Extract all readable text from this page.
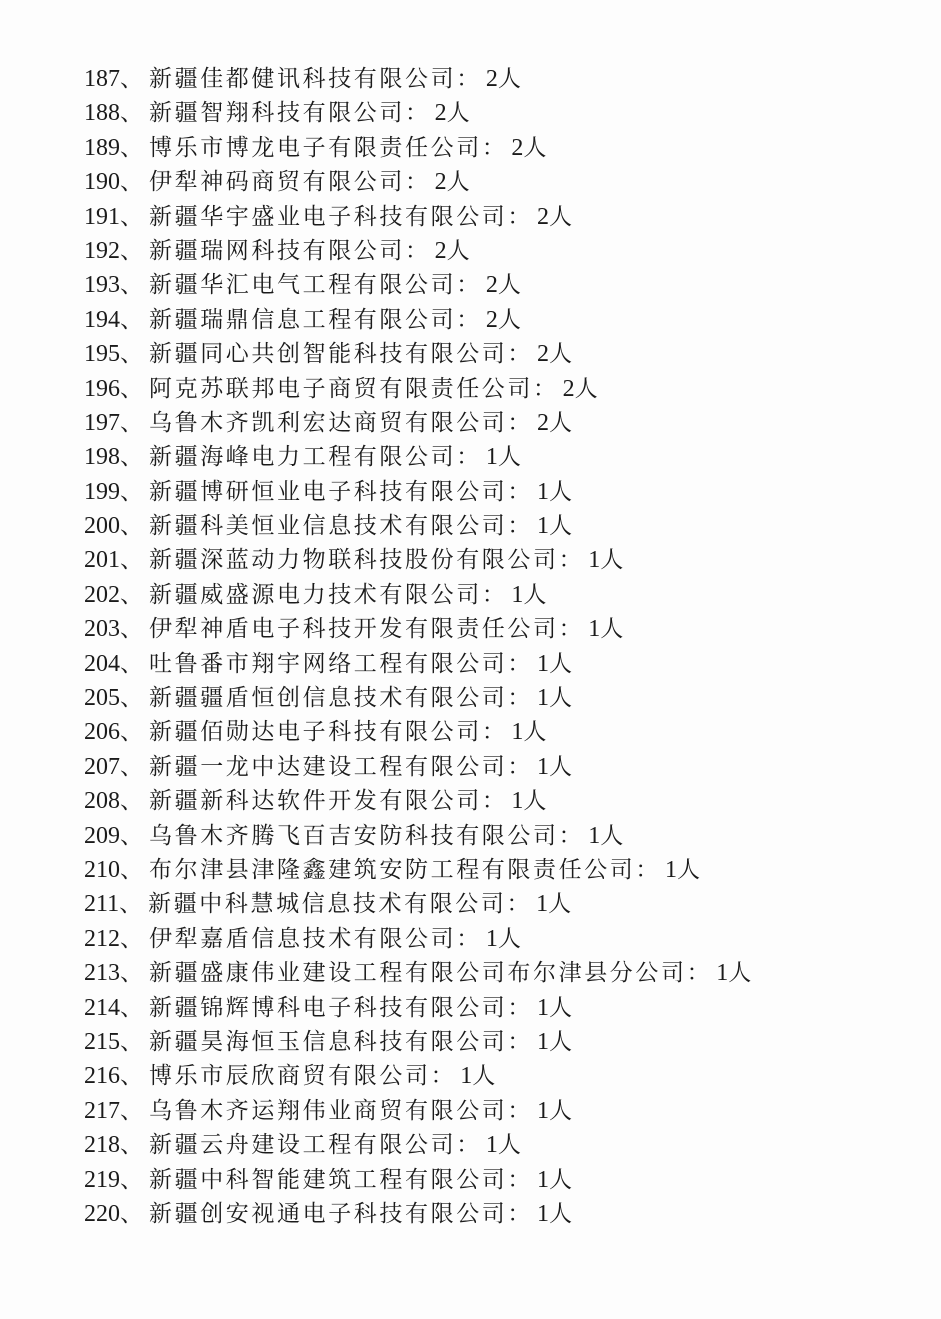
187 、 新疆佳都健讯科技有限公司 ： 2人
188 、 新疆智翔科技有限公司 ： 2人
189 、 博乐市博龙电子有限责任公司 ： 2人
190 、 伊犁神码商贸有限公司 ： 2人
191 、 新疆华宇盛业电子科技有限公司 ： 2人
192 、 新疆瑞网科技有限公司 ： 2人
193 、 新疆华汇电气工程有限公司 ： 2人
194 、 新疆瑞鼎信息工程有限公司 ： 2人
195 、 新疆同心共创智能科技有限公司 ： 2人
196 、 阿克苏联邦电子商贸有限责任公司 ： 2人
197 、 乌鲁木齐凯利宏达商贸有限公司 ： 2人
198 、 新疆海峰电力工程有限公司 ： 1人
199 、 新疆博研恒业电子科技有限公司 ： 1人
200 、 新疆科美恒业信息技术有限公司 ： 1人
201 、 新疆深蓝动力物联科技股份有限公司 ： 1人
202 、 新疆威盛源电力技术有限公司 ： 1人
203 、 伊犁神盾电子科技开发有限责任公司 ： 1人
204 、 吐鲁番市翔宇网络工程有限公司 ： 1人
205 、 新疆疆盾恒创信息技术有限公司 ： 1人
206 、 新疆佰勋达电子科技有限公司 ： 1人
207 、 新疆一龙中达建设工程有限公司 ： 1人
208 、 新疆新科达软件开发有限公司 ： 1人
209 、 乌鲁木齐腾飞百吉安防科技有限公司 ： 1人
210 、 布尔津县津隆鑫建筑安防工程有限责任公司 ： 1人
211 、 新疆中科慧城信息技术有限公司 ： 1人
212 、 伊犁嘉盾信息技术有限公司 ： 1人
213 、 新疆盛康伟业建设工程有限公司布尔津县分公司 ： 1人
214 、 新疆锦辉博科电子科技有限公司 ： 1人
215 、 新疆昊海恒玉信息科技有限公司 ： 1人
216 、 博乐市辰欣商贸有限公司 ： 1人
217 、 乌鲁木齐运翔伟业商贸有限公司 ： 1人
218 、 新疆云舟建设工程有限公司 ： 1人
219 、 新疆中科智能建筑工程有限公司 ： 1人
220 、 新疆创安视通电子科技有限公司 ： 1人
